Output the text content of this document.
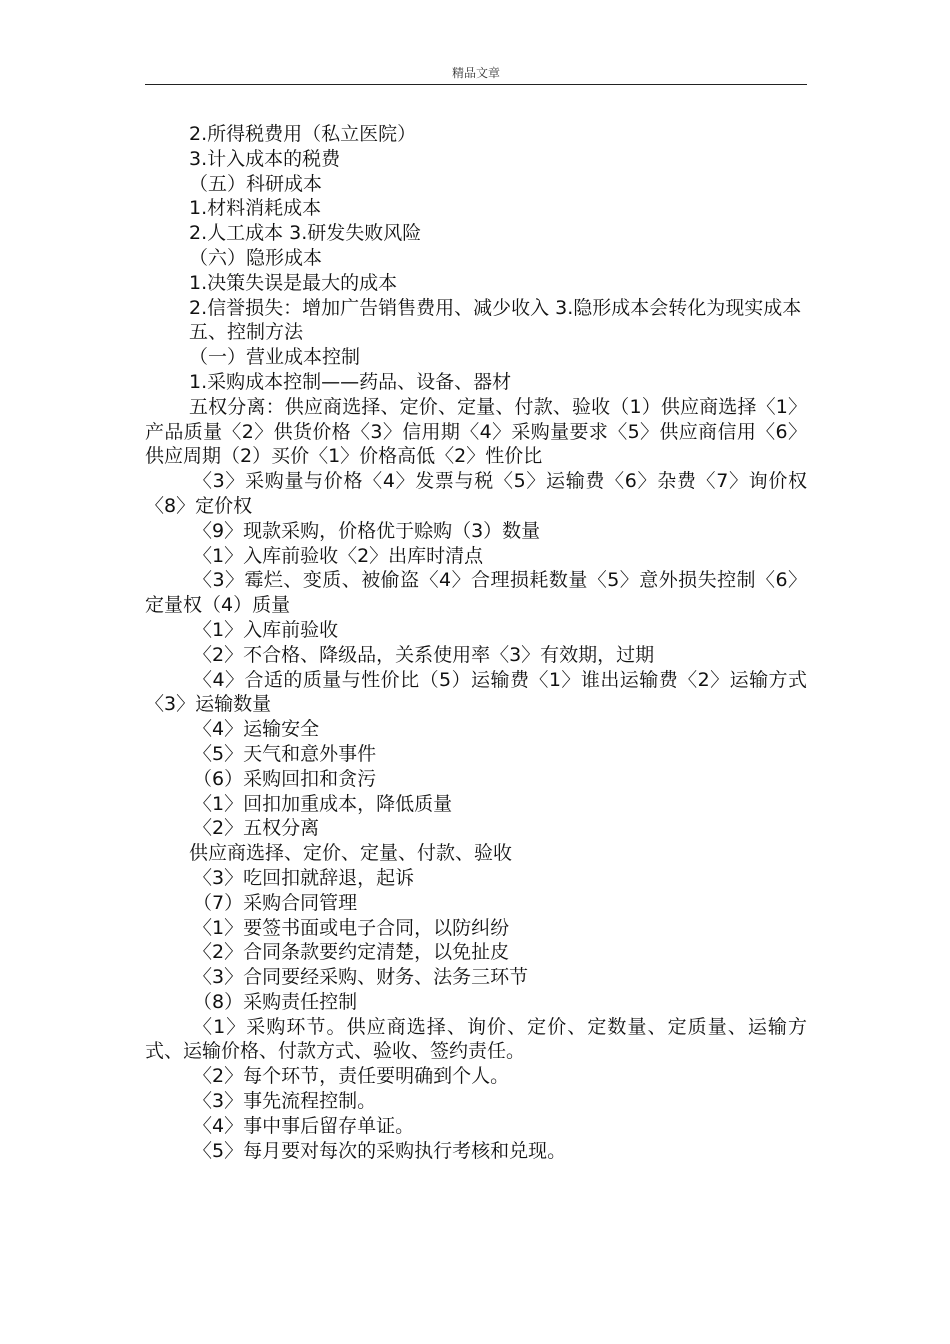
精品文章

2.所得税费用（私立医院）

3.计入成本的税费

（五）科研成本

1.材料消耗成本

2.人工成本 3.研发失败风险

（六）隐形成本

1.决策失误是最大的成本

2.信誉损失：增加广告销售费用、减少收入 3.隐形成本会转化为现实成本

五、控制方法

（一）营业成本控制

1.采购成本控制——药品、设备、器材

五权分离：供应商选择、定价、定量、付款、验收（1）供应商选择〈1〉产品质量〈2〉供货价格〈3〉信用期〈4〉采购量要求〈5〉供应商信用〈6〉供应周期（2）买价〈1〉价格高低〈2〉性价比

〈3〉采购量与价格〈4〉发票与税〈5〉运输费〈6〉杂费〈7〉询价权〈8〉定价权

〈9〉现款采购，价格优于赊购（3）数量

〈1〉入库前验收〈2〉出库时清点

〈3〉霉烂、变质、被偷盗〈4〉合理损耗数量〈5〉意外损失控制〈6〉定量权（4）质量

〈1〉入库前验收

〈2〉不合格、降级品，关系使用率〈3〉有效期，过期

〈4〉合适的质量与性价比（5）运输费〈1〉谁出运输费〈2〉运输方式〈3〉运输数量

〈4〉运输安全

〈5〉天气和意外事件

（6）采购回扣和贪污

〈1〉回扣加重成本，降低质量

〈2〉五权分离

供应商选择、定价、定量、付款、验收

〈3〉吃回扣就辞退，起诉

（7）采购合同管理

〈1〉要签书面或电子合同，以防纠纷

〈2〉合同条款要约定清楚，以免扯皮

〈3〉合同要经采购、财务、法务三环节

（8）采购责任控制

〈1〉采购环节。供应商选择、询价、定价、定数量、定质量、运输方式、运输价格、付款方式、验收、签约责任。

〈2〉每个环节，责任要明确到个人。

〈3〉事先流程控制。

〈4〉事中事后留存单证。

〈5〉每月要对每次的采购执行考核和兑现。
